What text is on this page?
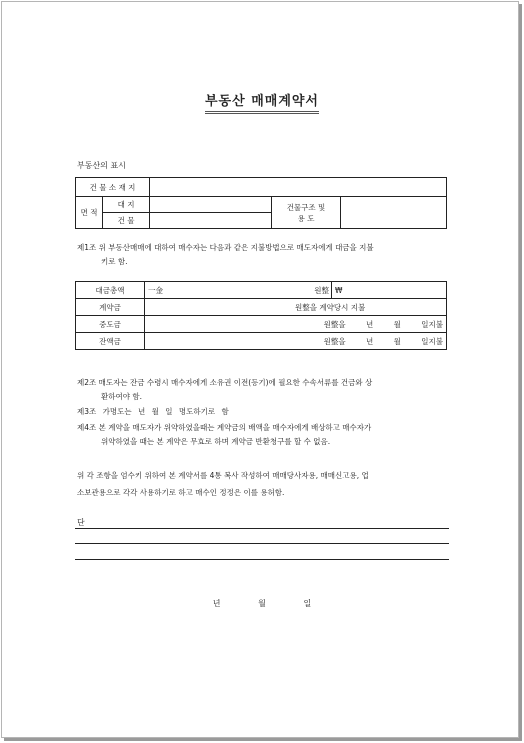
부동산 매매계약서
부동산의 표시
건 물 소 재 지				
면 적	대 지		건물구조 및
용 도	

	건 물			
제1조 위 부동산매매에 대하여 매수자는 다음과 같은 지불방법으로 매도자에게 대금을 지불
키로 함.
대금총액	一金 원整	₩
계약금	원整을 계약당시 지불	
중도금	원整을 년 월 일지불	
잔액금	원整을 년 월 일지불	
제2조 매도자는 잔금 수령시 매수자에게 소유권 이전(등기)에 필요한 수속서류를 건금와 상
환하여야 함.
제3조 가명도는 년 월 일 명도하기로 함
제4조 본 계약을 매도자가 위약하였을때는 계약금의 배액을 매수자에게 배상하고 매수자가
위약하였을 때는 본 계약은 무효로 하며 계약금 반환청구를 할 수 없음.
위 각 조항을 엄수키 위하여 본 계약서를 4통 복사 작성하여 매매당사자용, 매매신고용, 업
소보관용으로 각각 사용하기로 하고 매수인 정정은 이를 용허함.
단
년   월   일
